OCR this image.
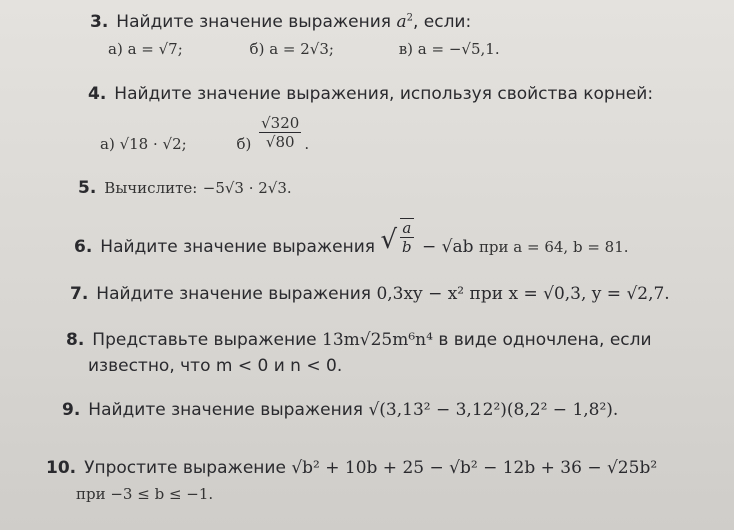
3. Найдите значение выражения $a^2$, если:
а) a = √7;	б) a = 2√3;	в) a = −√5,1.
4. Найдите значение выражения, используя свойства корней:
а) √18 · √2;	$б) \frac{√320}{√80}$ .
5. Вычислите: −5√3 · 2√3.
6. Найдите значение выражения √ $\frac{a}{b} - √ab$ при a = 64, b = 81.
7. Найдите значение выражения 0,3xy − x² при x = √0,3, y = √2,7.
8. Представьте выражение 13m√25m⁶n⁴ в виде одночлена, если
известно, что m < 0 и n < 0.
9. Найдите значение выражения √(3,13² − 3,12²)(8,2² − 1,8²).
10. Упростите выражение √b² + 10b + 25 − √b² − 12b + 36 − √25b²
при −3 ≤ b ≤ −1.
